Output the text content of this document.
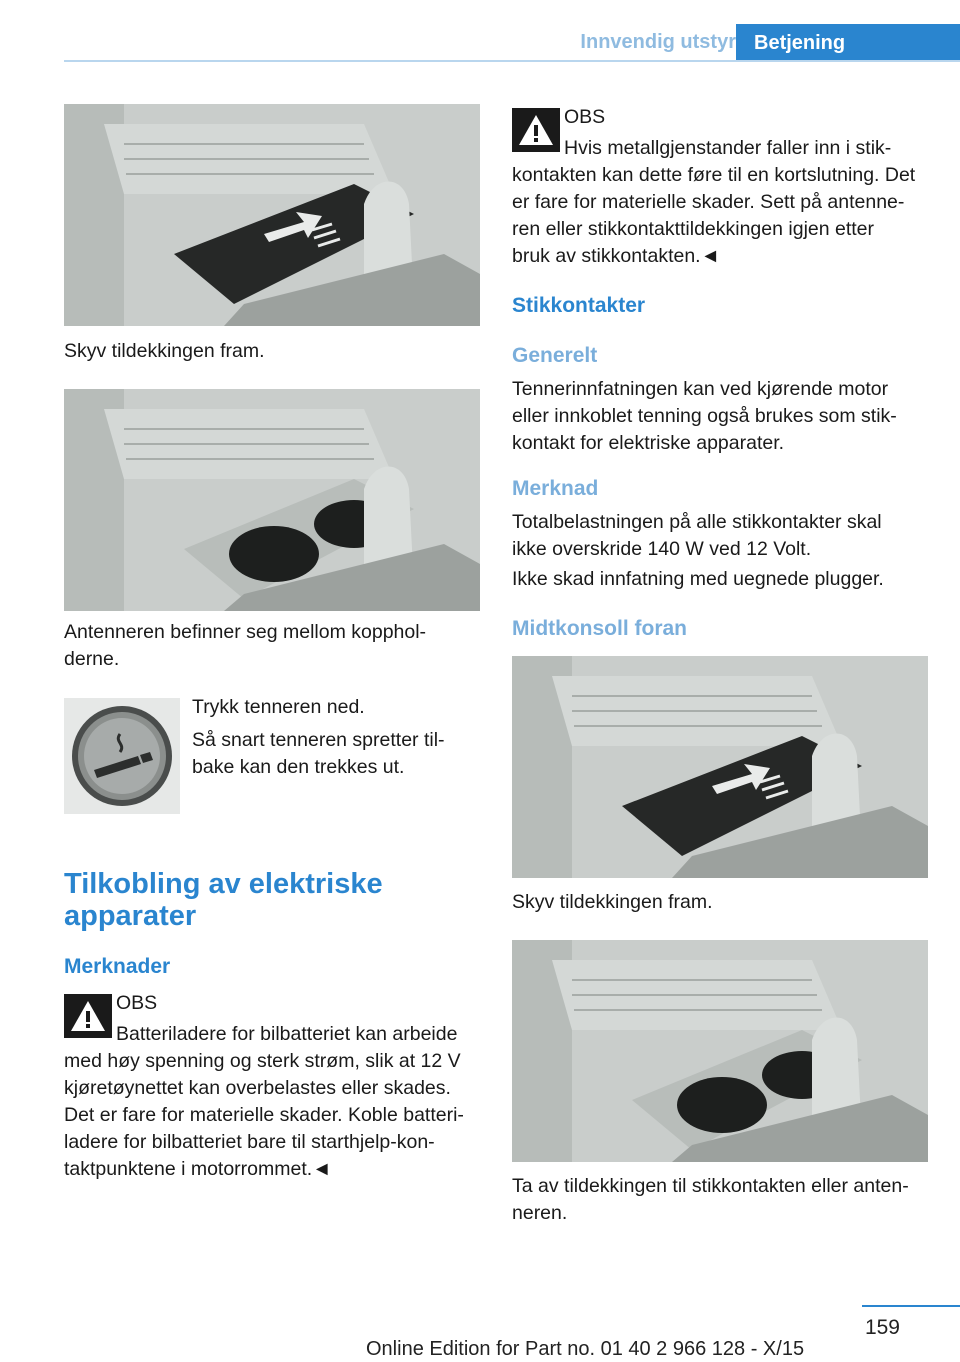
Innvendig utstyr Betjening

Skyv tildekkingen fram.

Antenneren befinner seg mellom kopphol-

derne.

Trykk tenneren ned.

Så snart tenneren spretter til-

bake kan den trekkes ut.

Tilkobling av elektriske
apparater
Merknader

OBS

Batteriladere for bilbatteriet kan arbeide

med høy spenning og sterk strøm, slik at 12 V

kjøretøynettet kan overbelastes eller skades.

Det er fare for materielle skader. Koble batteri-

ladere for bilbatteriet bare til starthjelp-kon-

taktpunktene i motorrommet.◄

OBS

Hvis metallgjenstander faller inn i stik-

kontakten kan dette føre til en kortslutning. Det

er fare for materielle skader. Sett på antenne-

ren eller stikkontakttildekkingen igjen etter

bruk av stikkontakten.◄

Stikkontakter
Generelt

Tennerinnfatningen kan ved kjørende motor

eller innkoblet tenning også brukes som stik-

kontakt for elektriske apparater.

Merknad

Totalbelastningen på alle stikkontakter skal

ikke overskride 140 W ved 12 Volt.

Ikke skad innfatning med uegnede plugger.

Midtkonsoll foran

Skyv tildekkingen fram.

Ta av tildekkingen til stikkontakten eller anten-

neren.

159
Online Edition for Part no. 01 40 2 966 128 - X/15
